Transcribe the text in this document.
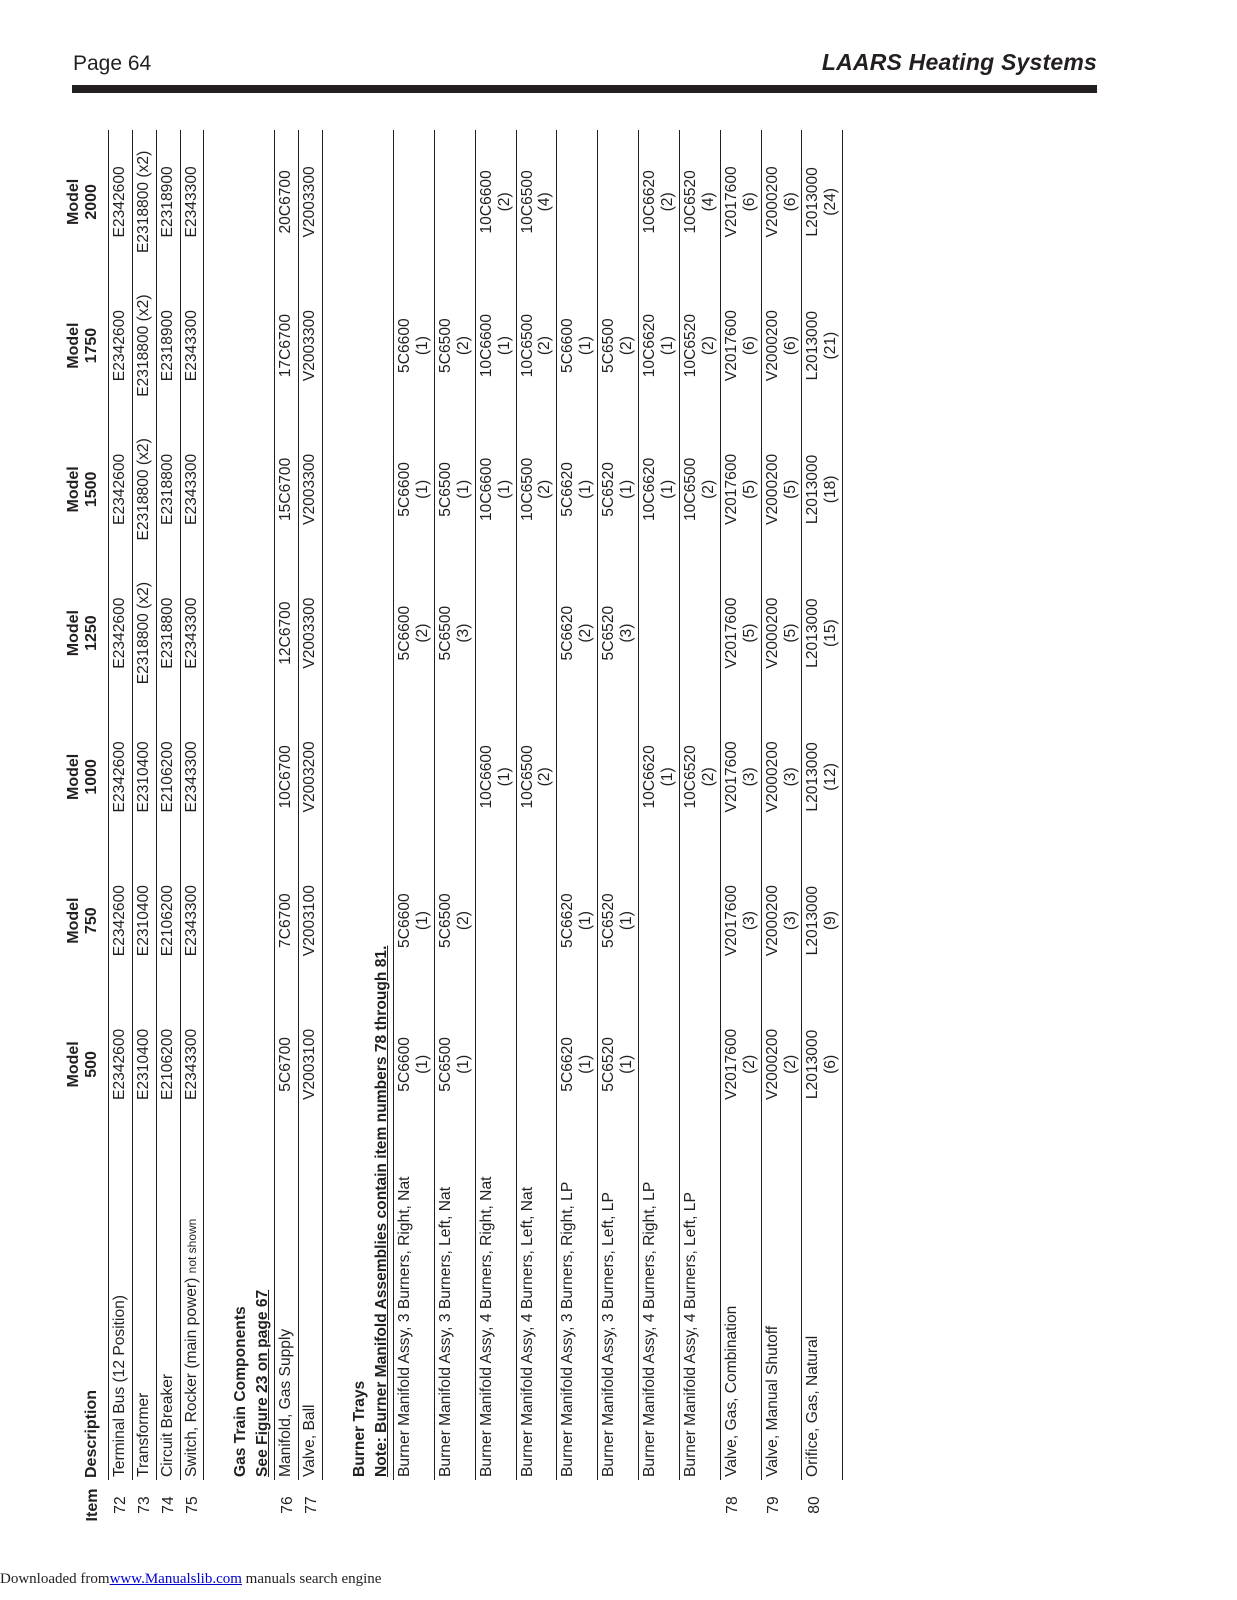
Page 64	LAARS Heating Systems
Item	Description	Model 500	Model 750	Model 1000	Model 1250	Model 1500	Model 1750	Model 2000

72	Terminal Bus (12 Position)	E2342600	E2342600	E2342600	E2342600	E2342600	E2342600	E2342600
73	Transformer	E2310400	E2310400	E2310400	E2318800 (x2)	E2318800 (x2)	E2318800 (x2)	E2318800 (x2)
74	Circuit Breaker	E2106200	E2106200	E2106200	E2318800	E2318800	E2318900	E2318900
75	Switch, Rocker (main power) not shown	E2343300	E2343300	E2343300	E2343300	E2343300	E2343300	E2343300

	Gas Train Components							
	See Figure 23 on page 67							
76	Manifold, Gas Supply	5C6700	7C6700	10C6700	12C6700	15C6700	17C6700	20C6700
77	Valve, Ball	V2003100	V2003100	V2003200	V2003300	V2003300	V2003300	V2003300

	Burner Trays							
	Note: Burner Manifold Assemblies contain item numbers 78 through 81.							
	Burner Manifold Assy, 3 Burners, Right, Nat	5C6600 (1)	5C6600 (1)		5C6600 (2)	5C6600 (1)	5C6600 (1)	

	Burner Manifold Assy, 3 Burners, Left, Nat	5C6500 (1)	5C6500 (2)		5C6500 (3)	5C6500 (1)	5C6500 (2)	

	Burner Manifold Assy, 4 Burners, Right, Nat			10C6600 (1)		10C6600 (1)	10C6600 (1)	10C6600 (2)

	Burner Manifold Assy, 4 Burners, Left, Nat			10C6500 (2)		10C6500 (2)	10C6500 (2)	10C6500 (4)

	Burner Manifold Assy, 3 Burners, Right, LP	5C6620 (1)	5C6620 (1)		5C6620 (2)	5C6620 (1)	5C6600 (1)	

	Burner Manifold Assy, 3 Burners, Left, LP	5C6520 (1)	5C6520 (1)		5C6520 (3)	5C6520 (1)	5C6500 (2)	

	Burner Manifold Assy, 4 Burners, Right, LP			10C6620 (1)		10C6620 (1)	10C6620 (1)	10C6620 (2)

	Burner Manifold Assy, 4 Burners, Left, LP			10C6520 (2)		10C6500 (2)	10C6520 (2)	10C6520 (4)

78	Valve, Gas, Combination	V2017600 (2)	V2017600 (3)	V2017600 (3)	V2017600 (5)	V2017600 (5)	V2017600 (6)	V2017600 (6)

79	Valve, Manual Shutoff	V2000200 (2)	V2000200 (3)	V2000200 (3)	V2000200 (5)	V2000200 (5)	V2000200 (6)	V2000200 (6)

80	Orifice, Gas, Natural	L2013000 (6)	L2013000 (9)	L2013000 (12)	L2013000 (15)	L2013000 (18)	L2013000 (21)	L2013000 (24)
Downloaded fromwww.Manualslib.com manuals search engine
